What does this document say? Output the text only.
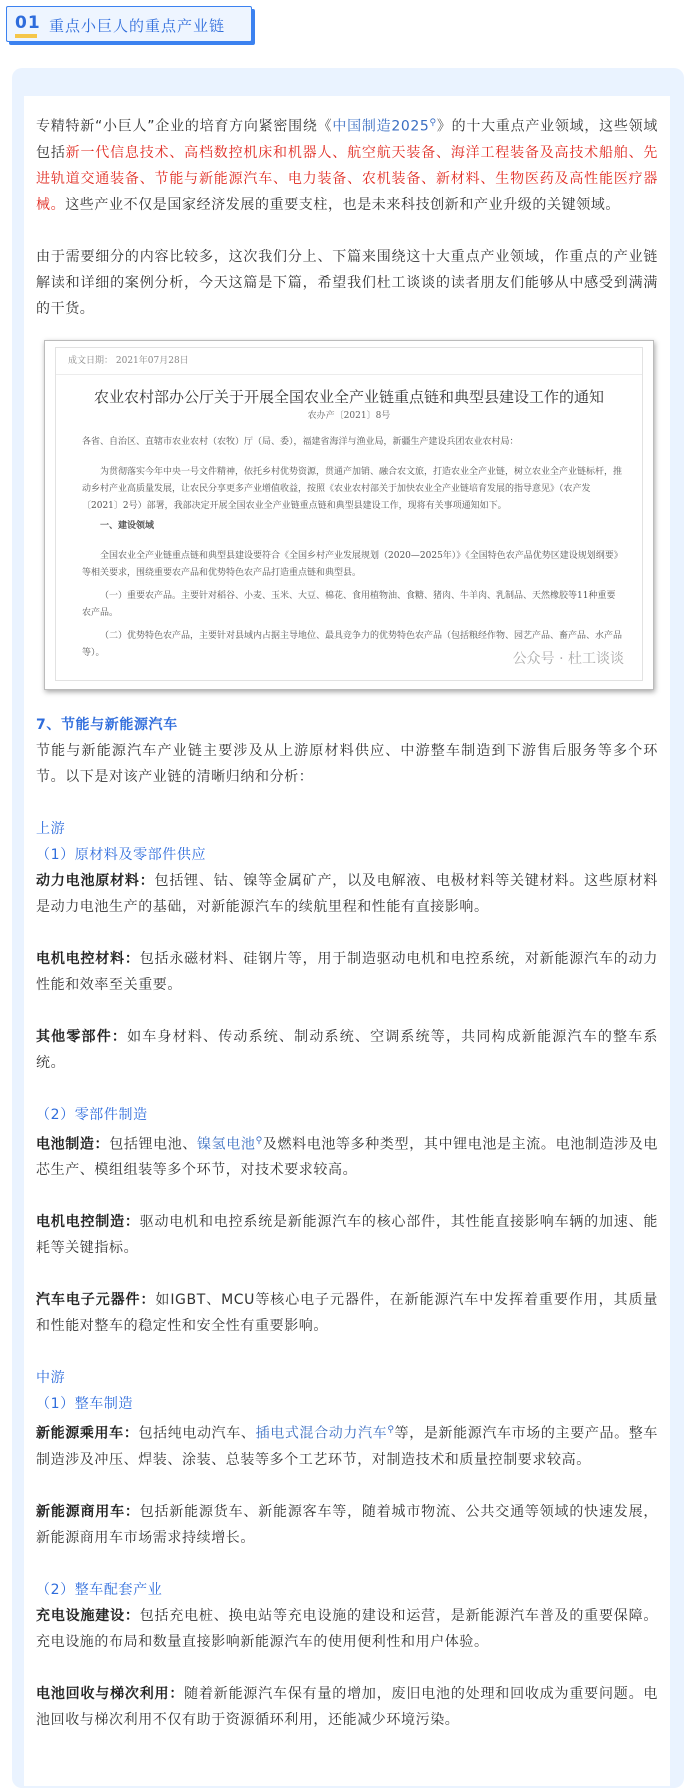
01 重点小巨人的重点产业链

专精特新“小巨人”企业的培育方向紧密围绕《中国制造2025⚲》的十大重点产业领域，这些领域包括新一代信息技术、高档数控机床和机器人、航空航天装备、海洋工程装备及高技术船舶、先进轨道交通装备、节能与新能源汽车、电力装备、农机装备、新材料、生物医药及高性能医疗器械。这些产业不仅是国家经济发展的重要支柱，也是未来科技创新和产业升级的关键领域。

由于需要细分的内容比较多，这次我们分上、下篇来围绕这十大重点产业领域，作重点的产业链解读和详细的案例分析，今天这篇是下篇，希望我们杜工谈谈的读者朋友们能够从中感受到满满的干货。

成文日期： 2021年07月28日
农业农村部办公厅关于开展全国农业全产业链重点链和典型县建设工作的通知
农办产〔2021〕8号
各省、自治区、直辖市农业农村（农牧）厅（局、委），福建省海洋与渔业局，新疆生产建设兵团农业农村局：
为贯彻落实今年中央一号文件精神，依托乡村优势资源，贯通产加销、融合农文旅，打造农业全产业链，树立农业全产业链标杆，推动乡村产业高质量发展，让农民分享更多产业增值收益，按照《农业农村部关于加快农业全产业链培育发展的指导意见》（农产发〔2021〕2号）部署，我部决定开展全国农业全产业链重点链和典型县建设工作，现将有关事项通知如下。
一、建设领域
全国农业全产业链重点链和典型县建设要符合《全国乡村产业发展规划（2020—2025年）》《全国特色农产品优势区建设规划纲要》等相关要求，围绕重要农产品和优势特色农产品打造重点链和典型县。
（一）重要农产品。主要针对稻谷、小麦、玉米、大豆、棉花、食用植物油、食糖、猪肉、牛羊肉、乳制品、天然橡胶等11种重要农产品。
（二）优势特色农产品，主要针对县域内占据主导地位、最具竞争力的优势特色农产品（包括粮经作物、园艺产品、畜产品、水产品等）。	公众号 · 杜工谈谈

7、节能与新能源汽车

节能与新能源汽车产业链主要涉及从上游原材料供应、中游整车制造到下游售后服务等多个环节。以下是对该产业链的清晰归纳和分析：

上游

（1）原材料及零部件供应

动力电池原材料：包括锂、钴、镍等金属矿产，以及电解液、电极材料等关键材料。这些原材料是动力电池生产的基础，对新能源汽车的续航里程和性能有直接影响。

电机电控材料：包括永磁材料、硅钢片等，用于制造驱动电机和电控系统，对新能源汽车的动力性能和效率至关重要。

其他零部件：如车身材料、传动系统、制动系统、空调系统等，共同构成新能源汽车的整车系统。

（2）零部件制造

电池制造：包括锂电池、镍氢电池⚲及燃料电池等多种类型，其中锂电池是主流。电池制造涉及电芯生产、模组组装等多个环节，对技术要求较高。

电机电控制造：驱动电机和电控系统是新能源汽车的核心部件，其性能直接影响车辆的加速、能耗等关键指标。

汽车电子元器件：如IGBT、MCU等核心电子元器件，在新能源汽车中发挥着重要作用，其质量和性能对整车的稳定性和安全性有重要影响。

中游

（1）整车制造

新能源乘用车：包括纯电动汽车、插电式混合动力汽车⚲等，是新能源汽车市场的主要产品。整车制造涉及冲压、焊装、涂装、总装等多个工艺环节，对制造技术和质量控制要求较高。

新能源商用车：包括新能源货车、新能源客车等，随着城市物流、公共交通等领域的快速发展，新能源商用车市场需求持续增长。

（2）整车配套产业

充电设施建设：包括充电桩、换电站等充电设施的建设和运营，是新能源汽车普及的重要保障。充电设施的布局和数量直接影响新能源汽车的使用便利性和用户体验。

电池回收与梯次利用：随着新能源汽车保有量的增加，废旧电池的处理和回收成为重要问题。电池回收与梯次利用不仅有助于资源循环利用，还能减少环境污染。
